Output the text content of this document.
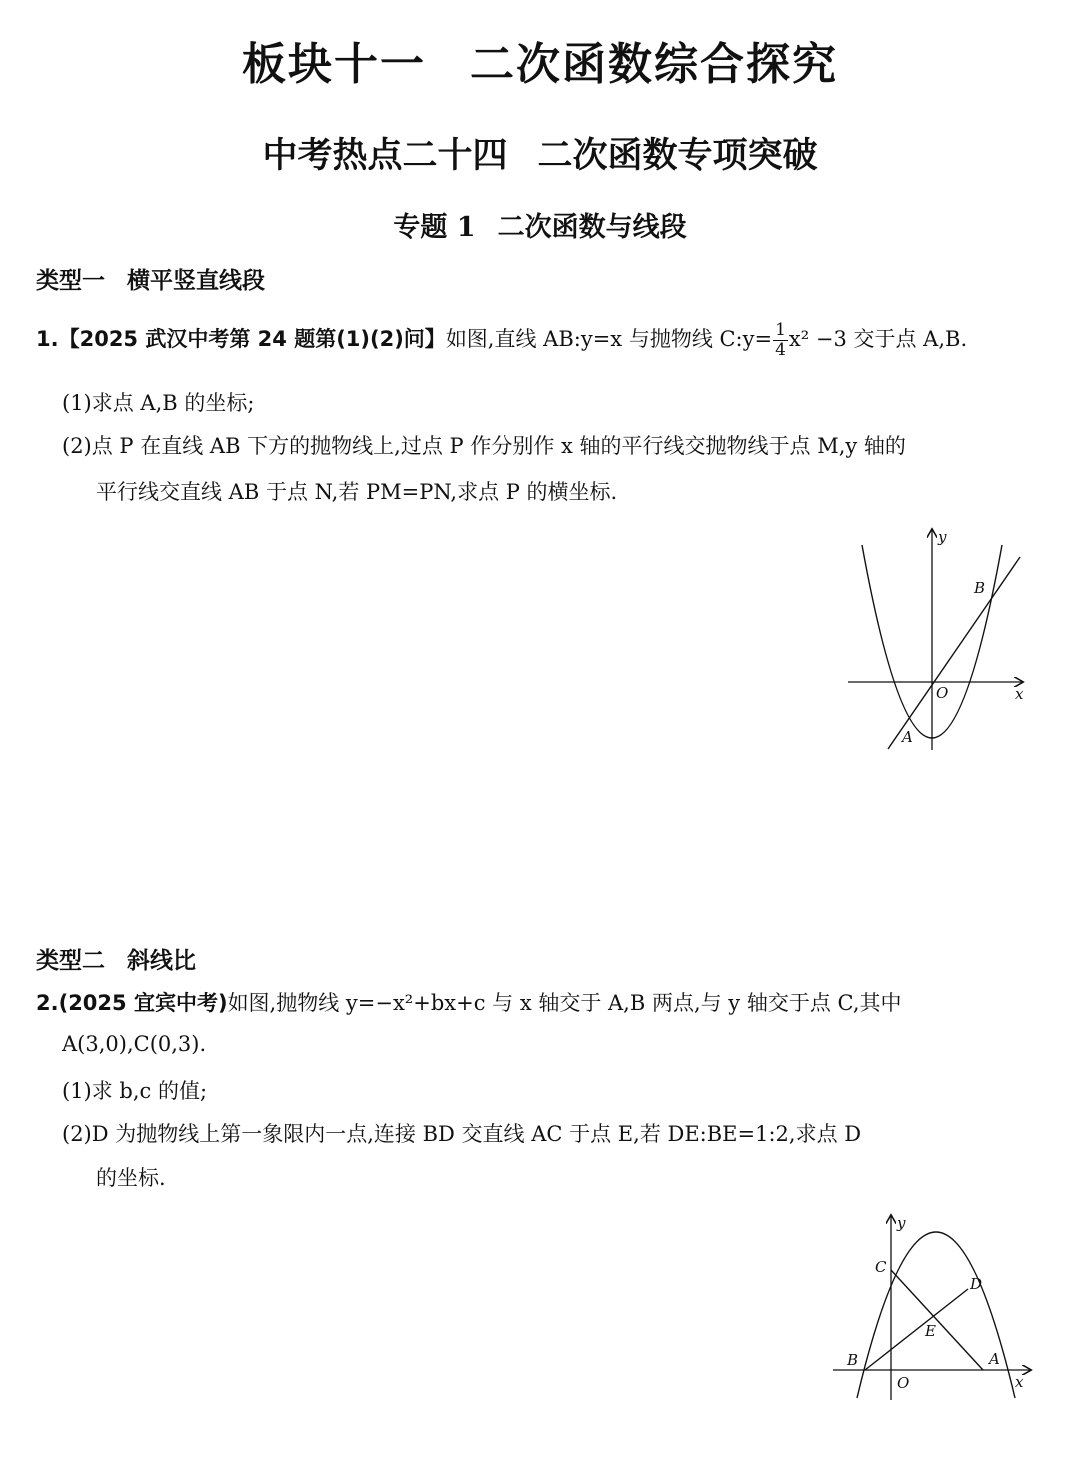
板块十一 二次函数综合探究
中考热点二十四 二次函数专项突破
专题 1 二次函数与线段
类型一 横平竖直线段
1.【2025 武汉中考第 24 题第(1)(2)问】如图,直线 AB:y=x 与抛物线 C:y= $\frac{1}{4} x^2 -3$ 交于点 A,B.
(1)求点 A,B 的坐标;
(2)点 P 在直线 AB 下方的抛物线上,过点 P 作分别作 x 轴的平行线交抛物线于点 M,y 轴的
平行线交直线 AB 于点 N,若 PM=PN,求点 P 的横坐标.
y
x
O
A
B
类型二 斜线比
2.(2025 宜宾中考)如图,抛物线 y=−x²+bx+c 与 x 轴交于 A,B 两点,与 y 轴交于点 C,其中
A(3,0),C(0,3).
(1)求 b,c 的值;
(2)D 为抛物线上第一象限内一点,连接 BD 交直线 AC 于点 E,若 DE:BE=1:2,求点 D
的坐标.
y
x
O
C
D
E
B	A
